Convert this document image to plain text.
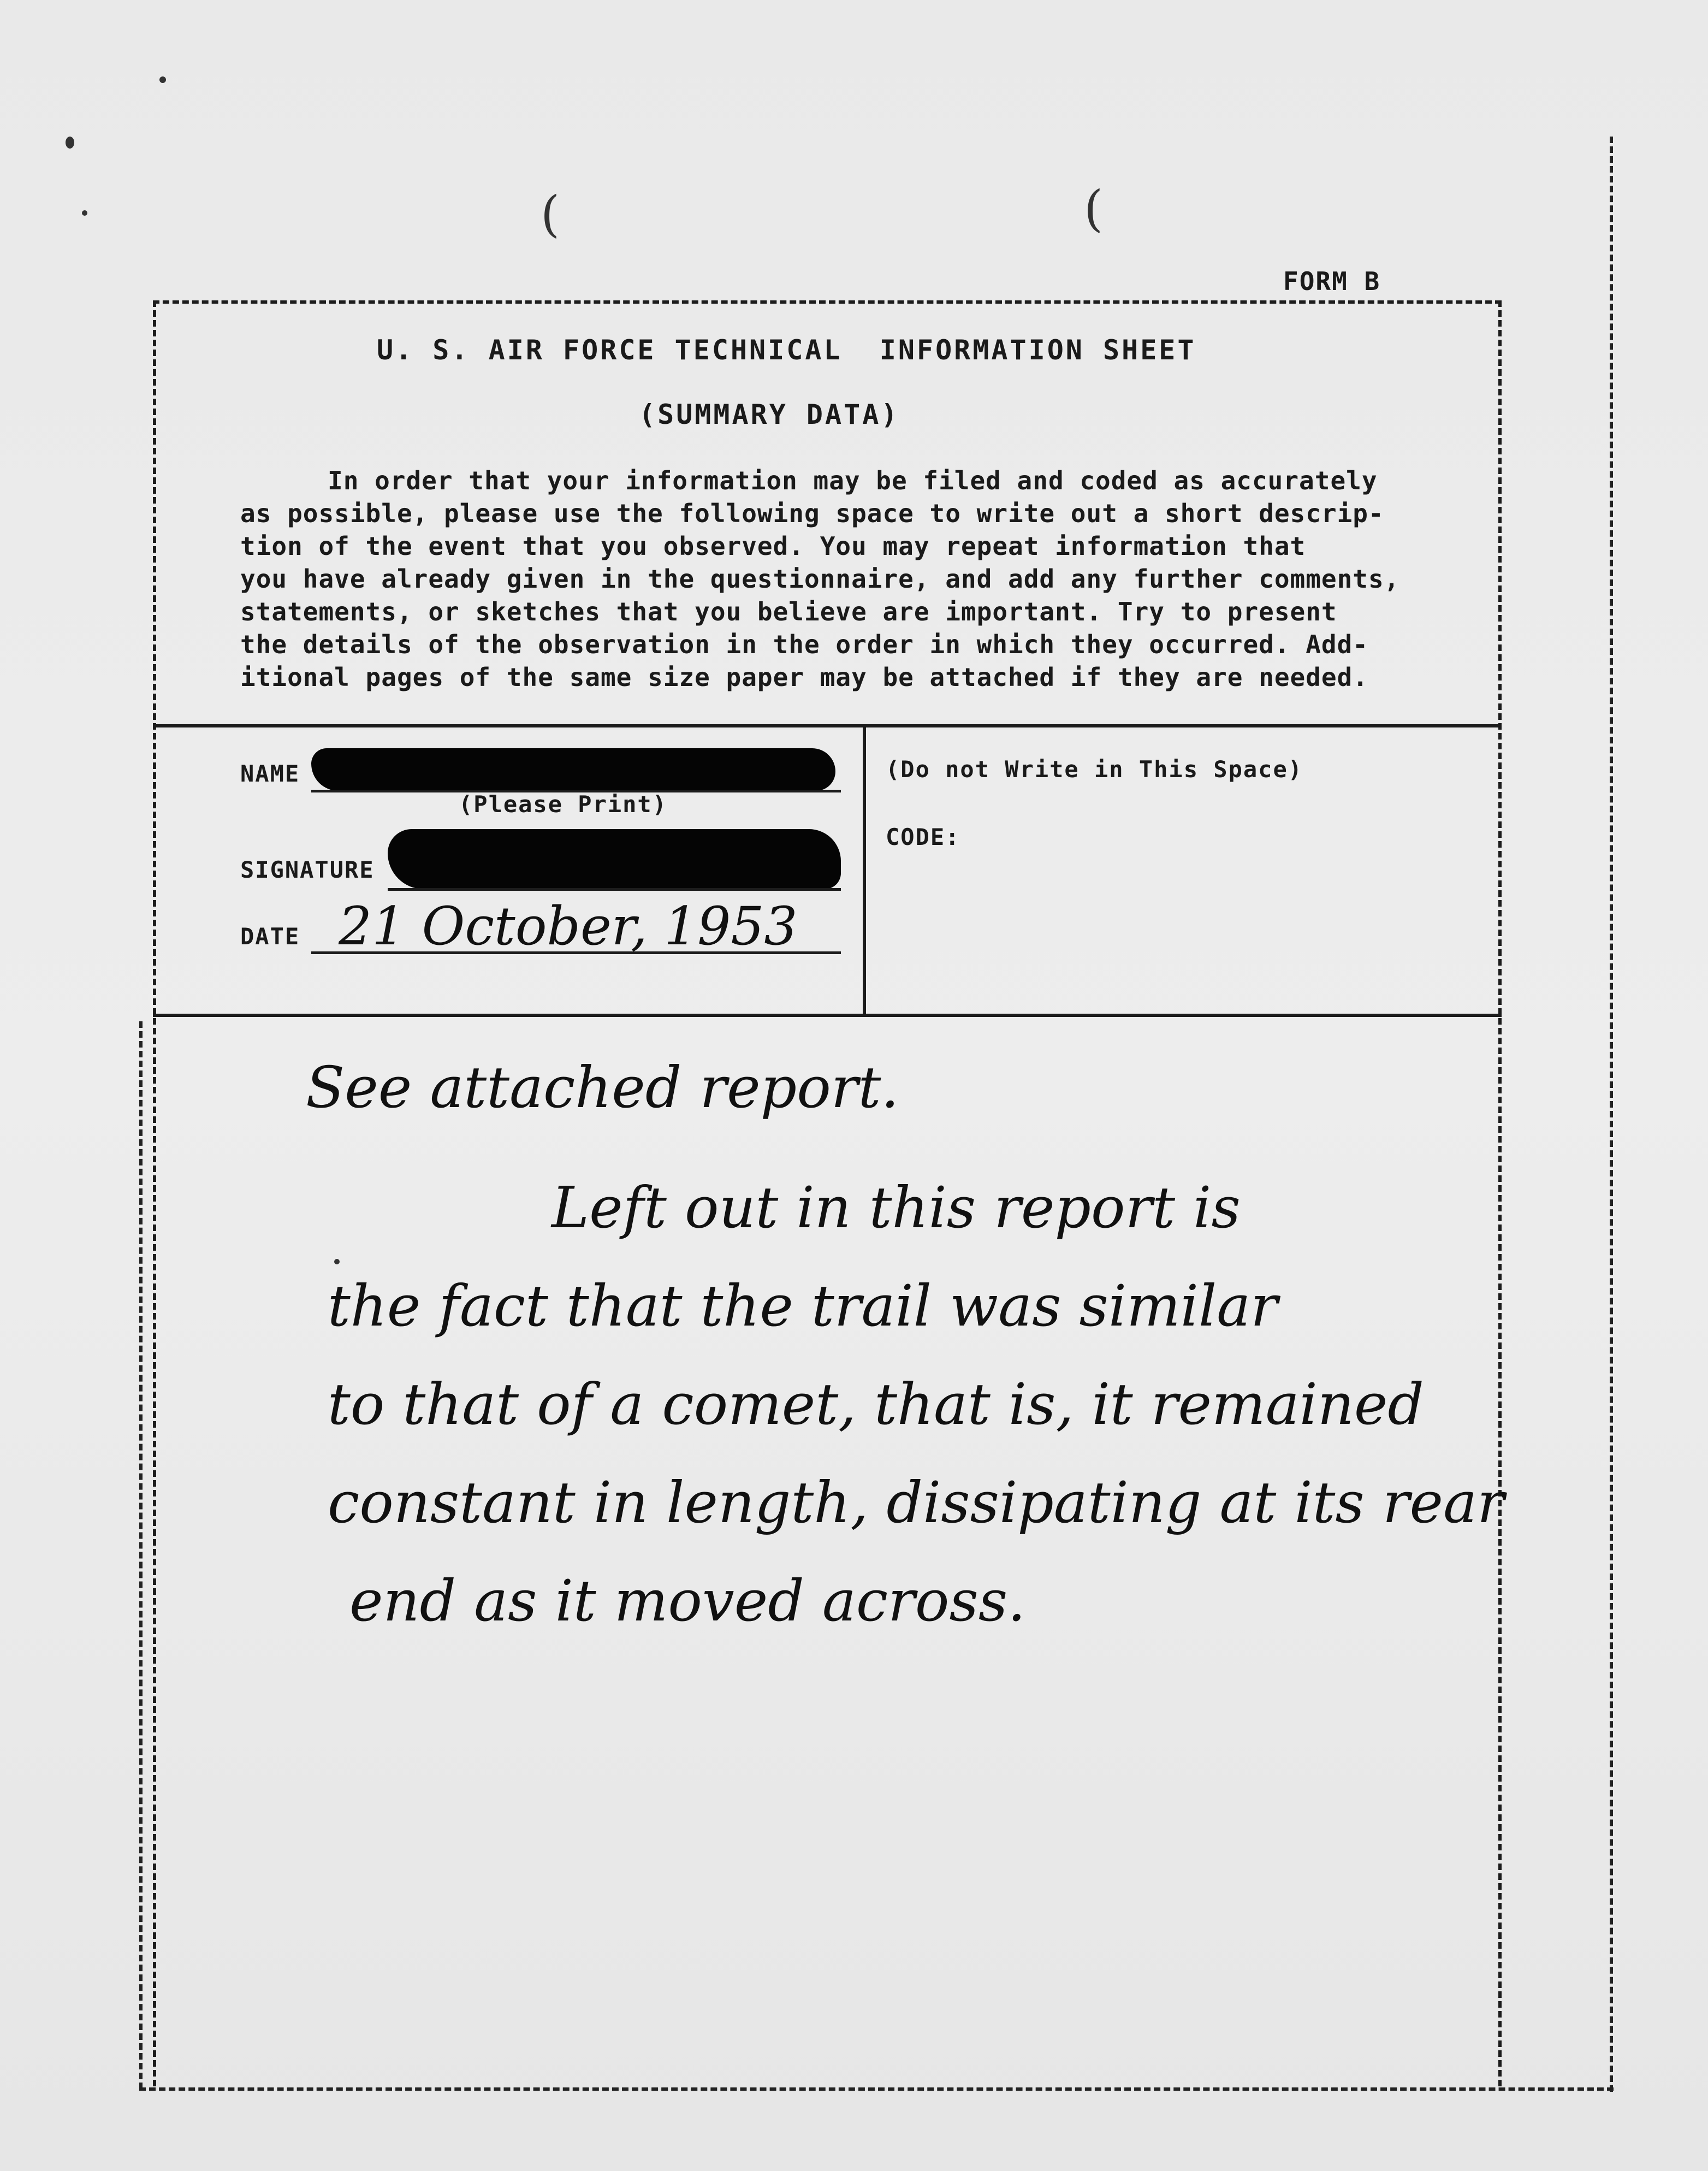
(	(
FORM B
U. S. AIR FORCE TECHNICAL  INFORMATION SHEET
(SUMMARY DATA)
In order that your information may be filed and coded as accurately
as possible, please use the following space to write out a short descrip-
tion of the event that you observed. You may repeat information that
you have already given in the questionnaire, and add any further comments,
statements, or sketches that you believe are important. Try to present
the details of the observation in the order in which they occurred. Add-
itional pages of the same size paper may be attached if they are needed.
NAME
(Please Print)
SIGNATURE
DATE 21 October, 1953
(Do not Write in This Space)
CODE:
See attached report.
Left out in this report is
the fact that the trail was similar
to that of a comet, that is, it remained
constant in length, dissipating at its rear
end as it moved across.
